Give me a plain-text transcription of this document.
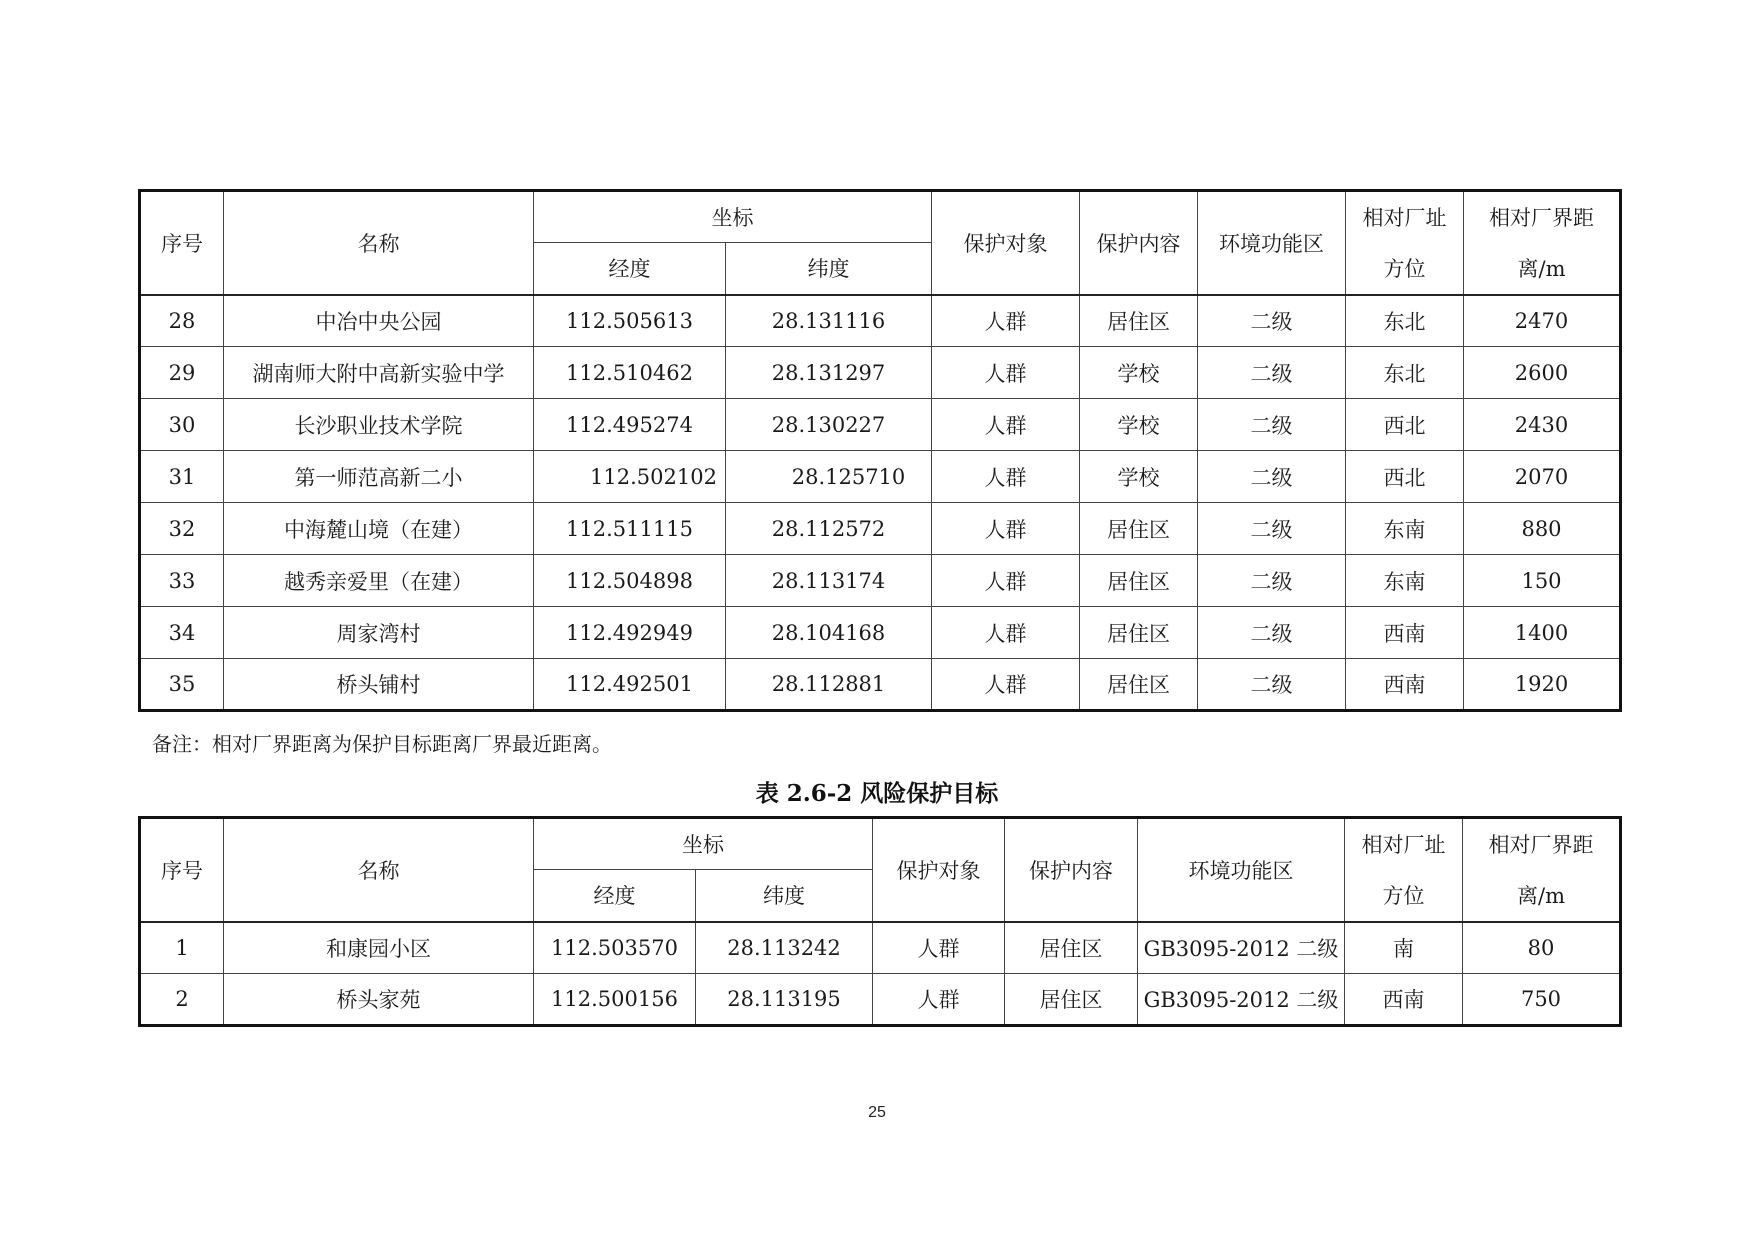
序号	名称	坐标		保护对象	保护内容	环境功能区	相对厂址	相对厂界距
		经度	纬度				方位	离/m
28	中冶中央公园	112.505613	28.131116	人群	居住区	二级	东北	2470
29	湖南师大附中高新实验中学	112.510462	28.131297	人群	学校	二级	东北	2600
30	长沙职业技术学院	112.495274	28.130227	人群	学校	二级	西北	2430
31	第一师范高新二小	112.502102	28.125710	人群	学校	二级	西北	2070
32	中海麓山境（在建）	112.511115	28.112572	人群	居住区	二级	东南	880
33	越秀亲爱里（在建）	112.504898	28.113174	人群	居住区	二级	东南	150
34	周家湾村	112.492949	28.104168	人群	居住区	二级	西南	1400
35	桥头铺村	112.492501	28.112881	人群	居住区	二级	西南	1920
备注：相对厂界距离为保护目标距离厂界最近距离。
表 2.6-2 风险保护目标
序号	名称	坐标		保护对象	保护内容	环境功能区	相对厂址	相对厂界距
		经度	纬度				方位	离/m
1	和康园小区	112.503570	28.113242	人群	居住区	GB3095-2012 二级	南	80
2	桥头家苑	112.500156	28.113195	人群	居住区	GB3095-2012 二级	西南	750
25
